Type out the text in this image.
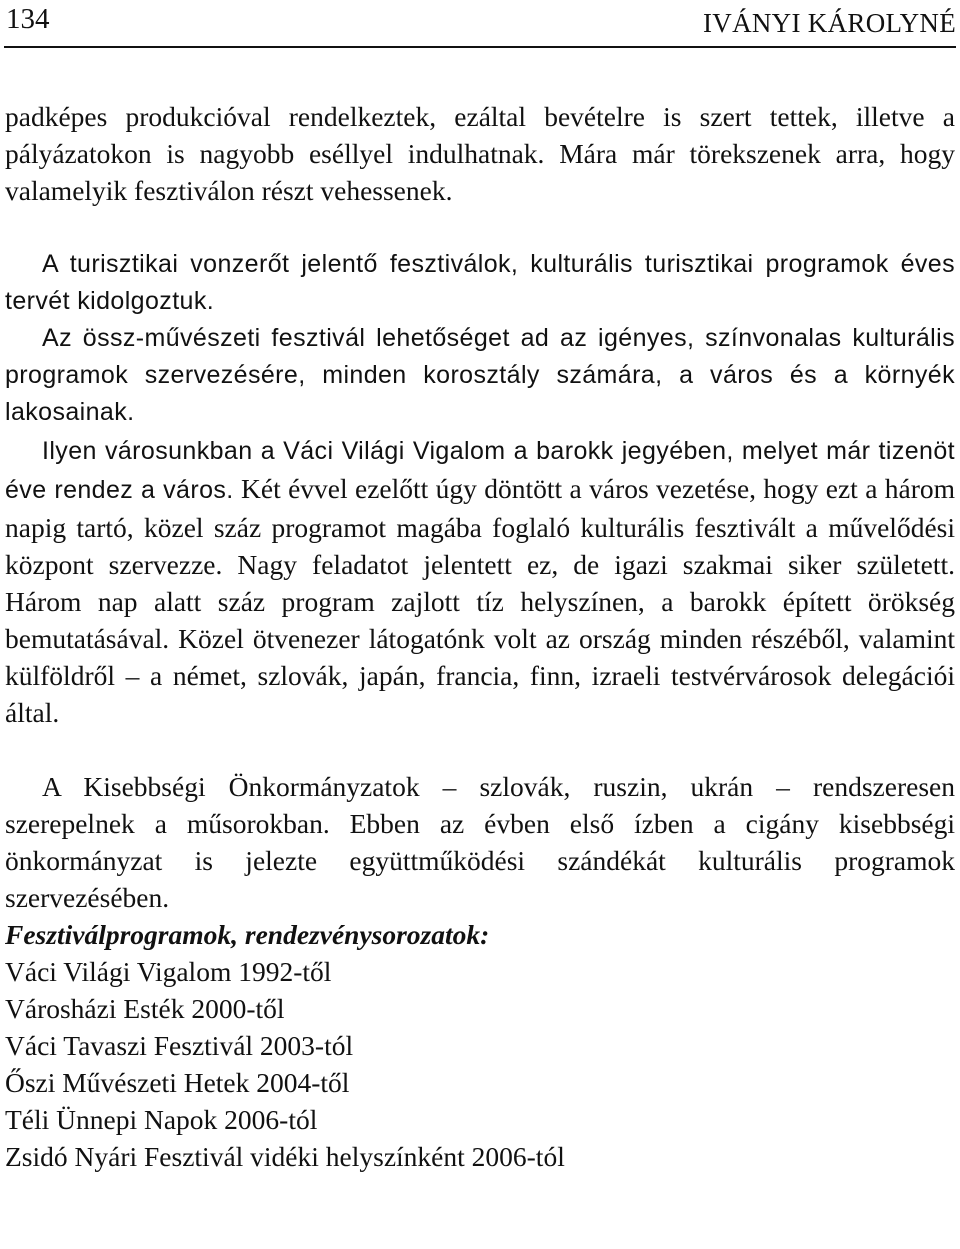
134	IVÁNYI KÁROLYNÉ

padképes produkcióval rendelkeztek, ezáltal bevételre is szert tettek, illetve a pályázatokon is nagyobb eséllyel indulhatnak. Mára már törekszenek arra, hogy valamelyik fesztiválon részt vehessenek.

A turisztikai vonzerőt jelentő fesztiválok, kulturális turisztikai programok éves tervét kidolgoztuk.

Az össz-művészeti fesztivál lehetőséget ad az igényes, színvonalas kulturális programok szervezésére, minden korosztály számára, a város és a környék lakosainak.

Ilyen városunkban a Váci Világi Vigalom a barokk jegyében, melyet már tizenöt éve rendez a város. Két évvel ezelőtt úgy döntött a város vezetése, hogy ezt a három napig tartó, közel száz programot magába foglaló kulturális fesztivált a művelődési központ szervezze. Nagy feladatot jelentett ez, de igazi szakmai siker született. Három nap alatt száz program zajlott tíz helyszínen, a barokk épített örökség bemutatásával. Közel ötvenezer látogatónk volt az ország minden részéből, valamint külföldről – a német, szlovák, japán, francia, finn, izraeli testvérvárosok delegációi által.

A Kisebbségi Önkormányzatok – szlovák, ruszin, ukrán – rendszeresen szerepelnek a műsorokban. Ebben az évben első ízben a cigány kisebbségi önkormányzat is jelezte együttműködési szándékát kulturális programok szervezésében.

Fesztiválprogramok, rendezvénysorozatok:

Váci Világi Vigalom 1992-től
Városházi Esték 2000-től
Váci Tavaszi Fesztivál 2003-tól
Őszi Művészeti Hetek 2004-től
Téli Ünnepi Napok 2006-tól
Zsidó Nyári Fesztivál vidéki helyszínként 2006-tól
